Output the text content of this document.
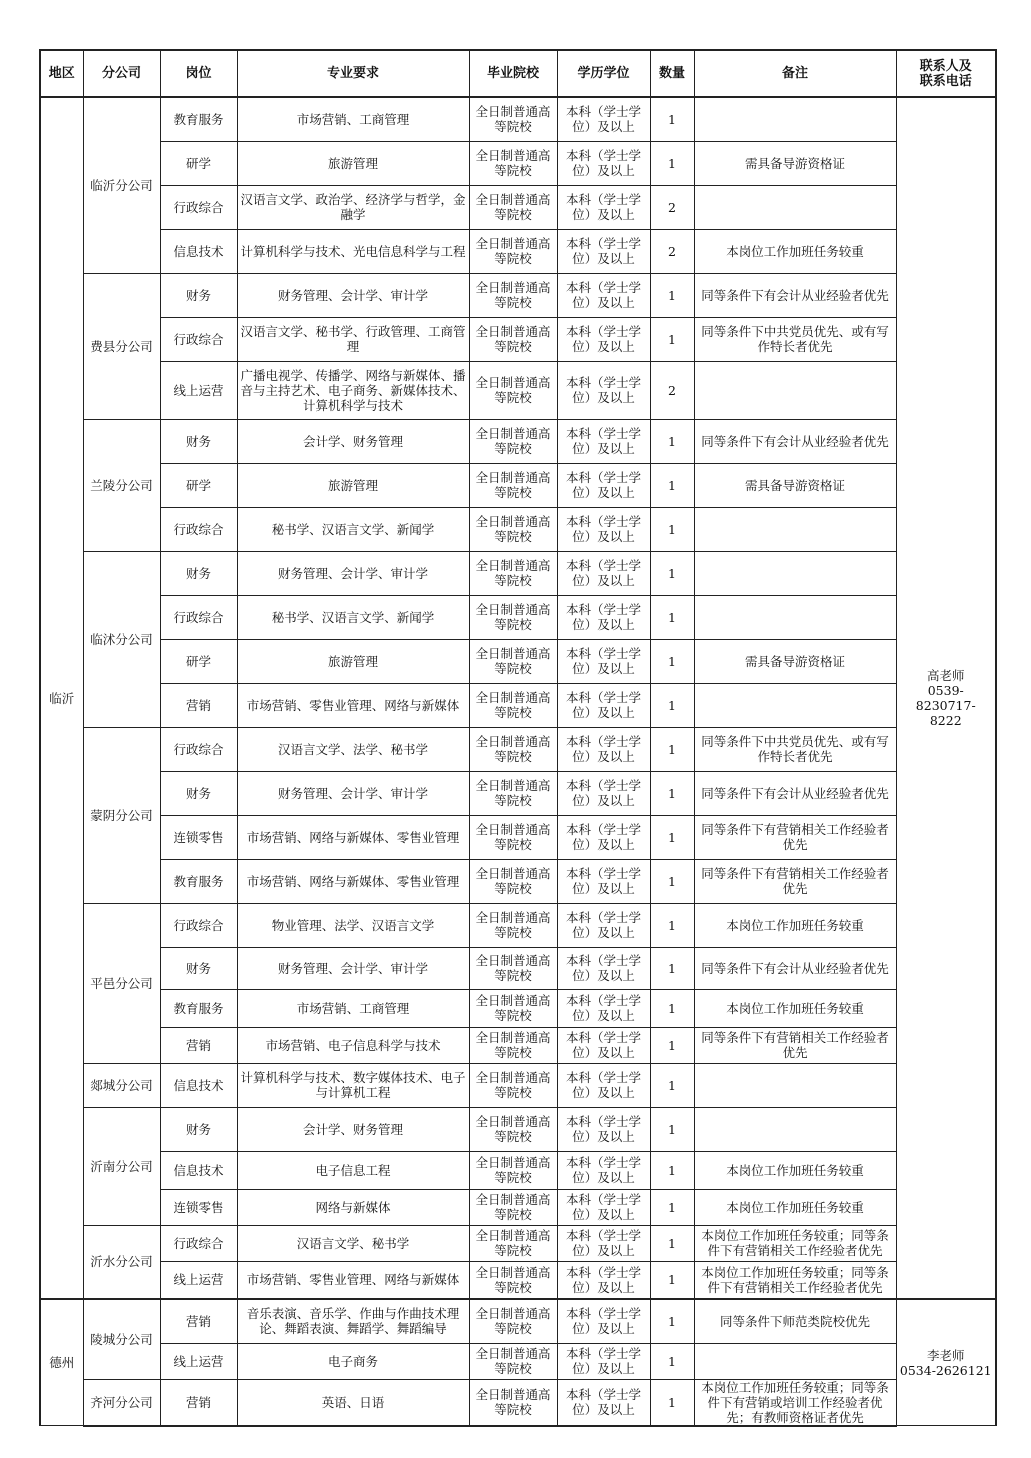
地区	分公司	岗位	专业要求	毕业院校	学历学位	数量	备注	联系人及
联系电话
临沂	临沂分公司	教育服务	市场营销、工商管理	全日制普通高等院校	本科（学士学位）及以上	1		高老师
0539-8230717-
8222
		研学	旅游管理	全日制普通高等院校	本科（学士学位）及以上	1	需具备导游资格证	
		行政综合	汉语言文学、政治学、经济学与哲学，金融学	全日制普通高等院校	本科（学士学位）及以上	2		
		信息技术	计算机科学与技术、光电信息科学与工程	全日制普通高等院校	本科（学士学位）及以上	2	本岗位工作加班任务较重	
	费县分公司	财务	财务管理、会计学、审计学	全日制普通高等院校	本科（学士学位）及以上	1	同等条件下有会计从业经验者优先	
		行政综合	汉语言文学、秘书学、行政管理、工商管理	全日制普通高等院校	本科（学士学位）及以上	1	同等条件下中共党员优先、或有写作特长者优先	
		线上运营	广播电视学、传播学、网络与新媒体、播音与主持艺术、电子商务、新媒体技术、计算机科学与技术	全日制普通高等院校	本科（学士学位）及以上	2		
	兰陵分公司	财务	会计学、财务管理	全日制普通高等院校	本科（学士学位）及以上	1	同等条件下有会计从业经验者优先	
		研学	旅游管理	全日制普通高等院校	本科（学士学位）及以上	1	需具备导游资格证	
		行政综合	秘书学、汉语言文学、新闻学	全日制普通高等院校	本科（学士学位）及以上	1		
	临沭分公司	财务	财务管理、会计学、审计学	全日制普通高等院校	本科（学士学位）及以上	1		
		行政综合	秘书学、汉语言文学、新闻学	全日制普通高等院校	本科（学士学位）及以上	1		
		研学	旅游管理	全日制普通高等院校	本科（学士学位）及以上	1	需具备导游资格证	
		营销	市场营销、零售业管理、网络与新媒体	全日制普通高等院校	本科（学士学位）及以上	1		
	蒙阴分公司	行政综合	汉语言文学、法学、秘书学	全日制普通高等院校	本科（学士学位）及以上	1	同等条件下中共党员优先、或有写作特长者优先	
		财务	财务管理、会计学、审计学	全日制普通高等院校	本科（学士学位）及以上	1	同等条件下有会计从业经验者优先	
		连锁零售	市场营销、网络与新媒体、零售业管理	全日制普通高等院校	本科（学士学位）及以上	1	同等条件下有营销相关工作经验者优先	
		教育服务	市场营销、网络与新媒体、零售业管理	全日制普通高等院校	本科（学士学位）及以上	1	同等条件下有营销相关工作经验者优先	
	平邑分公司	行政综合	物业管理、法学、汉语言文学	全日制普通高等院校	本科（学士学位）及以上	1	本岗位工作加班任务较重	
		财务	财务管理、会计学、审计学	全日制普通高等院校	本科（学士学位）及以上	1	同等条件下有会计从业经验者优先	
		教育服务	市场营销、工商管理	全日制普通高等院校	本科（学士学位）及以上	1	本岗位工作加班任务较重	
		营销	市场营销、电子信息科学与技术	全日制普通高等院校	本科（学士学位）及以上	1	同等条件下有营销相关工作经验者优先	
	郯城分公司	信息技术	计算机科学与技术、数字媒体技术、电子与计算机工程	全日制普通高等院校	本科（学士学位）及以上	1		
	沂南分公司	财务	会计学、财务管理	全日制普通高等院校	本科（学士学位）及以上	1		
		信息技术	电子信息工程	全日制普通高等院校	本科（学士学位）及以上	1	本岗位工作加班任务较重	
		连锁零售	网络与新媒体	全日制普通高等院校	本科（学士学位）及以上	1	本岗位工作加班任务较重	
	沂水分公司	行政综合	汉语言文学、秘书学	全日制普通高等院校	本科（学士学位）及以上	1	本岗位工作加班任务较重；同等条件下有营销相关工作经验者优先	
		线上运营	市场营销、零售业管理、网络与新媒体	全日制普通高等院校	本科（学士学位）及以上	1	本岗位工作加班任务较重；同等条件下有营销相关工作经验者优先	
德州	陵城分公司	营销	音乐表演、音乐学、作曲与作曲技术理论、舞蹈表演、舞蹈学、舞蹈编导	全日制普通高等院校	本科（学士学位）及以上	1	同等条件下师范类院校优先	李老师
0534-2626121
		线上运营	电子商务	全日制普通高等院校	本科（学士学位）及以上	1		
	齐河分公司	营销	英语、日语	全日制普通高等院校	本科（学士学位）及以上	1	本岗位工作加班任务较重；同等条件下有营销或培训工作经验者优先；有教师资格证者优先	
